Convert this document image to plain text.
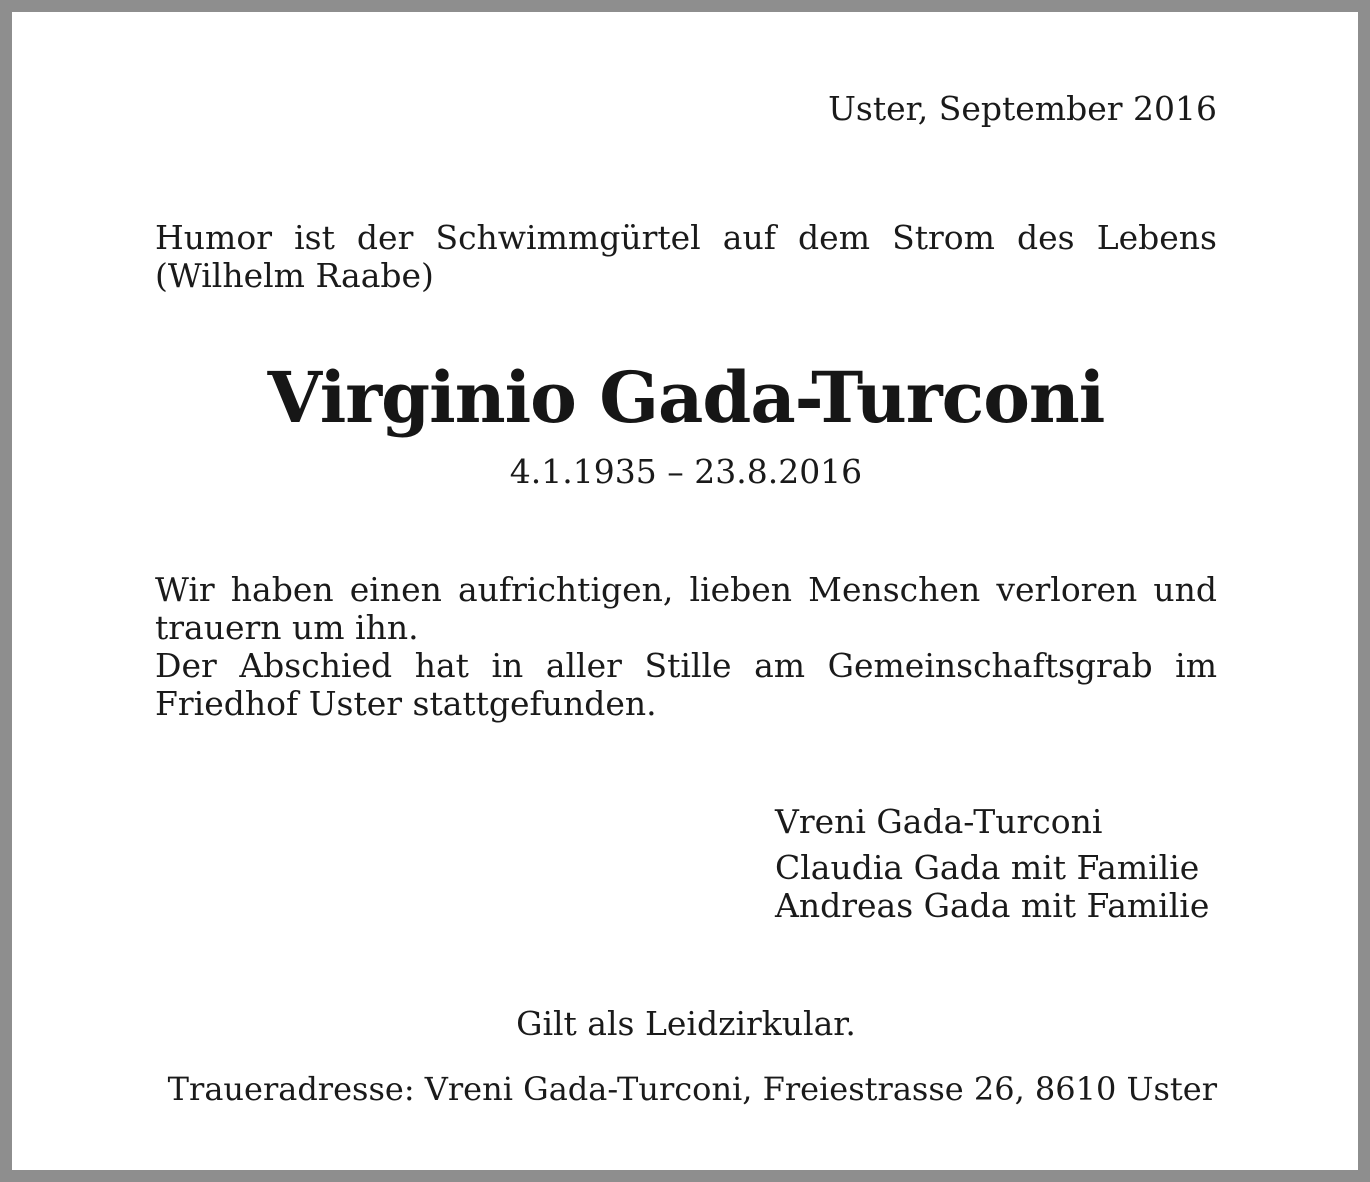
Uster, September 2016
Humor ist der Schwimmgürtel auf dem Strom des Lebens
(Wilhelm Raabe)
Virginio Gada-Turconi
4.1.1935 – 23.8.2016
Wir haben einen aufrichtigen, lieben Menschen verloren und
trauern um ihn.
Der Abschied hat in aller Stille am Gemeinschaftsgrab im
Friedhof Uster stattgefunden.
Vreni Gada-Turconi
Claudia Gada mit Familie
Andreas Gada mit Familie
Gilt als Leidzirkular.
Traueradresse: Vreni Gada-Turconi, Freiestrasse 26, 8610 Uster
